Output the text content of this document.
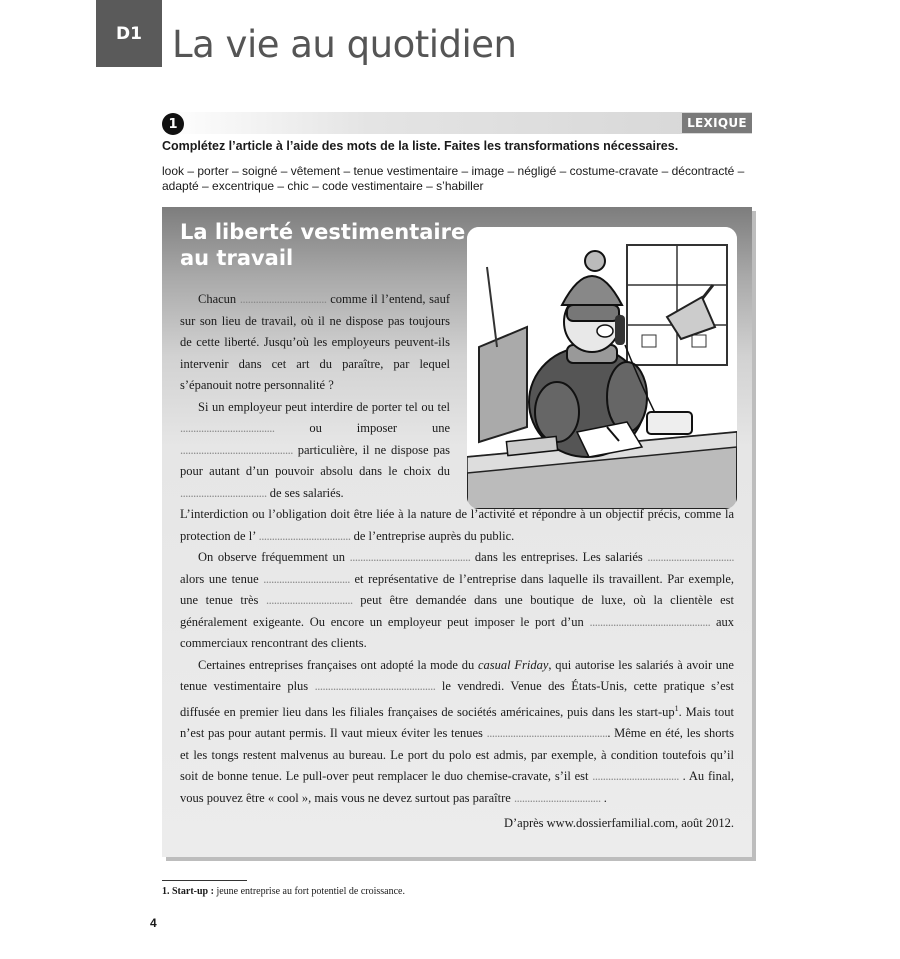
D1 La vie au quotidien
1	LEXIQUE
Complétez l’article à l’aide des mots de la liste. Faites les transformations nécessaires.
look – porter – soigné – vêtement – tenue vestimentaire – image – négligé – costume-cravate – décontracté – adapté – excentrique – chic – code vestimentaire – s’habiller
La liberté vestimentaire au travail

Chacun ................................. comme il l’entend, sauf sur son lieu de travail, où il ne dispose pas toujours de cette liberté. Jusqu’où les employeurs peuvent-ils intervenir dans cet art du paraître, par lequel s’épanouit notre personnalité ?

Si un employeur peut interdire de porter tel ou tel .................................... ou imposer une ........................................... particulière, il ne dispose pas pour autant d’un pouvoir absolu dans le choix du ................................. de ses salariés.

L’interdiction ou l’obligation doit être liée à la nature de l’activité et répondre à un objectif précis, comme la protection de l’ ................................... de l’entreprise auprès du public.

On observe fréquemment un .............................................. dans les entreprises. Les salariés ................................. alors une tenue ................................. et représentative de l’entreprise dans laquelle ils travaillent. Par exemple, une tenue très ................................. peut être demandée dans une boutique de luxe, où la clientèle est généralement exigeante. Ou encore un employeur peut imposer le port d’un .............................................. aux commerciaux rencontrant des clients.

Certaines entreprises françaises ont adopté la mode du casual Friday, qui autorise les salariés à avoir une tenue vestimentaire plus .............................................. le vendredi. Venue des États-Unis, cette pratique s’est diffusée en premier lieu dans les filiales françaises de sociétés américaines, puis dans les start-$up^1$. Mais tout n’est pas pour autant permis. Il vaut mieux éviter les tenues ............................................... Même en été, les shorts et les tongs restent malvenus au bureau. Le port du polo est admis, par exemple, à condition toutefois qu’il soit de bonne tenue. Le pull-over peut remplacer le duo chemise-cravate, s’il est ................................. . Au final, vous pouvez être « cool », mais vous ne devez surtout pas paraître ................................. .

D’après www.dossierfamilial.com, août 2012.
1. Start-up : jeune entreprise au fort potentiel de croissance.
4
